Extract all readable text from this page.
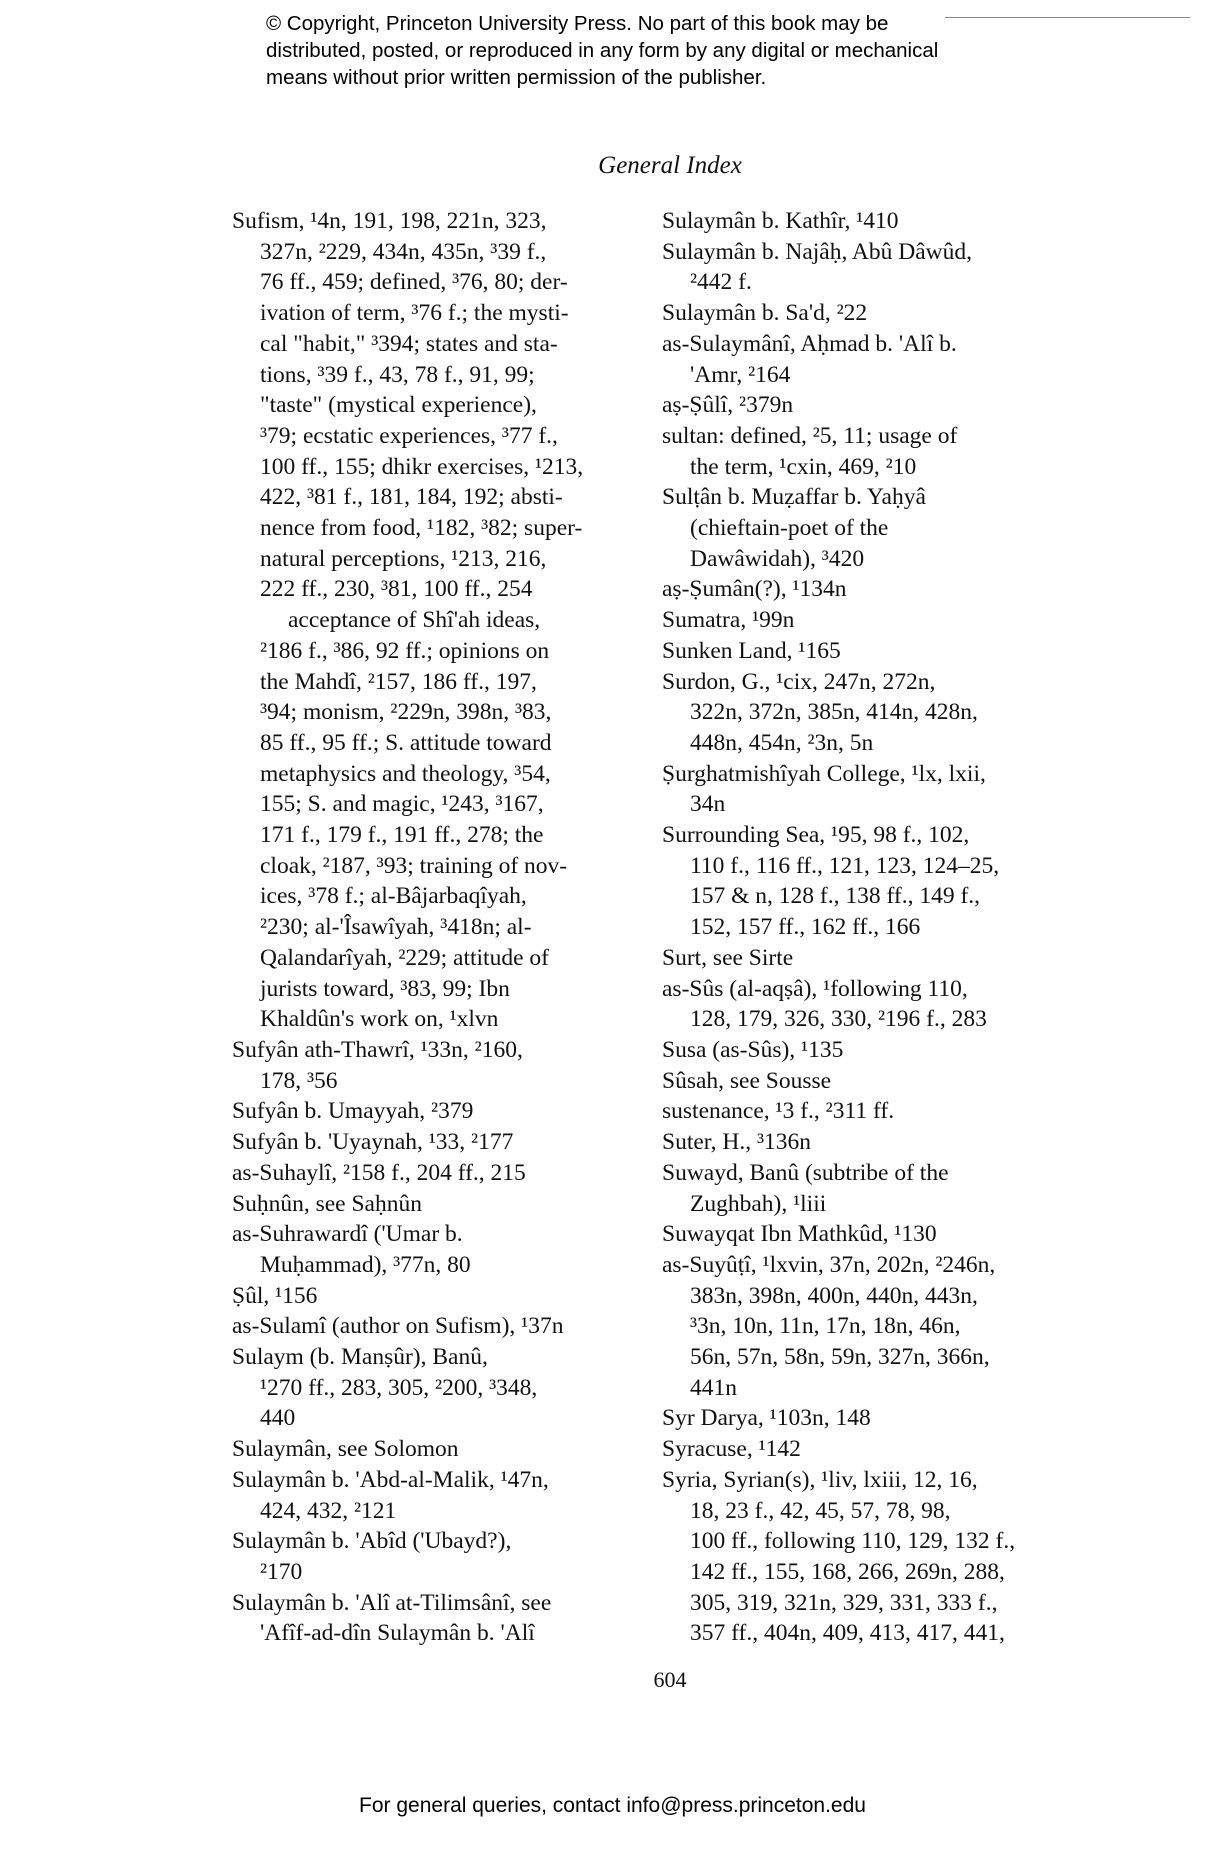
© Copyright, Princeton University Press. No part of this book may be
distributed, posted, or reproduced in any form by any digital or mechanical
means without prior written permission of the publisher.
General Index
Sufism, ¹4n, 191, 198, 221n, 323,
327n, ²229, 434n, 435n, ³39 f.,
76 ff., 459; defined, ³76, 80; der-
ivation of term, ³76 f.; the mysti-
cal "habit," ³394; states and sta-
tions, ³39 f., 43, 78 f., 91, 99;
"taste" (mystical experience),
³79; ecstatic experiences, ³77 f.,
100 ff., 155; dhikr exercises, ¹213,
422, ³81 f., 181, 184, 192; absti-
nence from food, ¹182, ³82; super-
natural perceptions, ¹213, 216,
222 ff., 230, ³81, 100 ff., 254
acceptance of Shî'ah ideas,
²186 f., ³86, 92 ff.; opinions on
the Mahdî, ²157, 186 ff., 197,
³94; monism, ²229n, 398n, ³83,
85 ff., 95 ff.; S. attitude toward
metaphysics and theology, ³54,
155; S. and magic, ¹243, ³167,
171 f., 179 f., 191 ff., 278; the
cloak, ²187, ³93; training of nov-
ices, ³78 f.; al-Bâjarbaqîyah,
²230; al-'Îsawîyah, ³418n; al-
Qalandarîyah, ²229; attitude of
jurists toward, ³83, 99; Ibn
Khaldûn's work on, ¹xlvn
Sufyân ath-Thawrî, ¹33n, ²160,
178, ³56
Sufyân b. Umayyah, ²379
Sufyân b. 'Uyaynah, ¹33, ²177
as-Suhaylî, ²158 f., 204 ff., 215
Suḥnûn, see Saḥnûn
as-Suhrawardî ('Umar b.
Muḥammad), ³77n, 80
Ṣûl, ¹156
as-Sulamî (author on Sufism), ¹37n
Sulaym (b. Manṣûr), Banû,
¹270 ff., 283, 305, ²200, ³348,
440
Sulaymân, see Solomon
Sulaymân b. 'Abd-al-Malik, ¹47n,
424, 432, ²121
Sulaymân b. 'Abîd ('Ubayd?),
²170
Sulaymân b. 'Alî at-Tilimsânî, see
'Afîf-ad-dîn Sulaymân b. 'Alî
Sulaymân b. Kathîr, ¹410
Sulaymân b. Najâḥ, Abû Dâwûd,
²442 f.
Sulaymân b. Sa'd, ²22
as-Sulaymânî, Aḥmad b. 'Alî b.
'Amr, ²164
aṣ-Ṣûlî, ²379n
sultan: defined, ²5, 11; usage of
the term, ¹cxin, 469, ²10
Sulṭân b. Muẓaffar b. Yaḥyâ
(chieftain-poet of the
Dawâwidah), ³420
aṣ-Ṣumân(?), ¹134n
Sumatra, ¹99n
Sunken Land, ¹165
Surdon, G., ¹cix, 247n, 272n,
322n, 372n, 385n, 414n, 428n,
448n, 454n, ²3n, 5n
Ṣurghatmishîyah College, ¹lx, lxii,
34n
Surrounding Sea, ¹95, 98 f., 102,
110 f., 116 ff., 121, 123, 124–25,
157 & n, 128 f., 138 ff., 149 f.,
152, 157 ff., 162 ff., 166
Surt, see Sirte
as-Sûs (al-aqṣâ), ¹following 110,
128, 179, 326, 330, ²196 f., 283
Susa (as-Sûs), ¹135
Sûsah, see Sousse
sustenance, ¹3 f., ²311 ff.
Suter, H., ³136n
Suwayd, Banû (subtribe of the
Zughbah), ¹liii
Suwayqat Ibn Mathkûd, ¹130
as-Suyûṭî, ¹lxvin, 37n, 202n, ²246n,
383n, 398n, 400n, 440n, 443n,
³3n, 10n, 11n, 17n, 18n, 46n,
56n, 57n, 58n, 59n, 327n, 366n,
441n
Syr Darya, ¹103n, 148
Syracuse, ¹142
Syria, Syrian(s), ¹liv, lxiii, 12, 16,
18, 23 f., 42, 45, 57, 78, 98,
100 ff., following 110, 129, 132 f.,
142 ff., 155, 168, 266, 269n, 288,
305, 319, 321n, 329, 331, 333 f.,
357 ff., 404n, 409, 413, 417, 441,
604
For general queries, contact info@press.princeton.edu
